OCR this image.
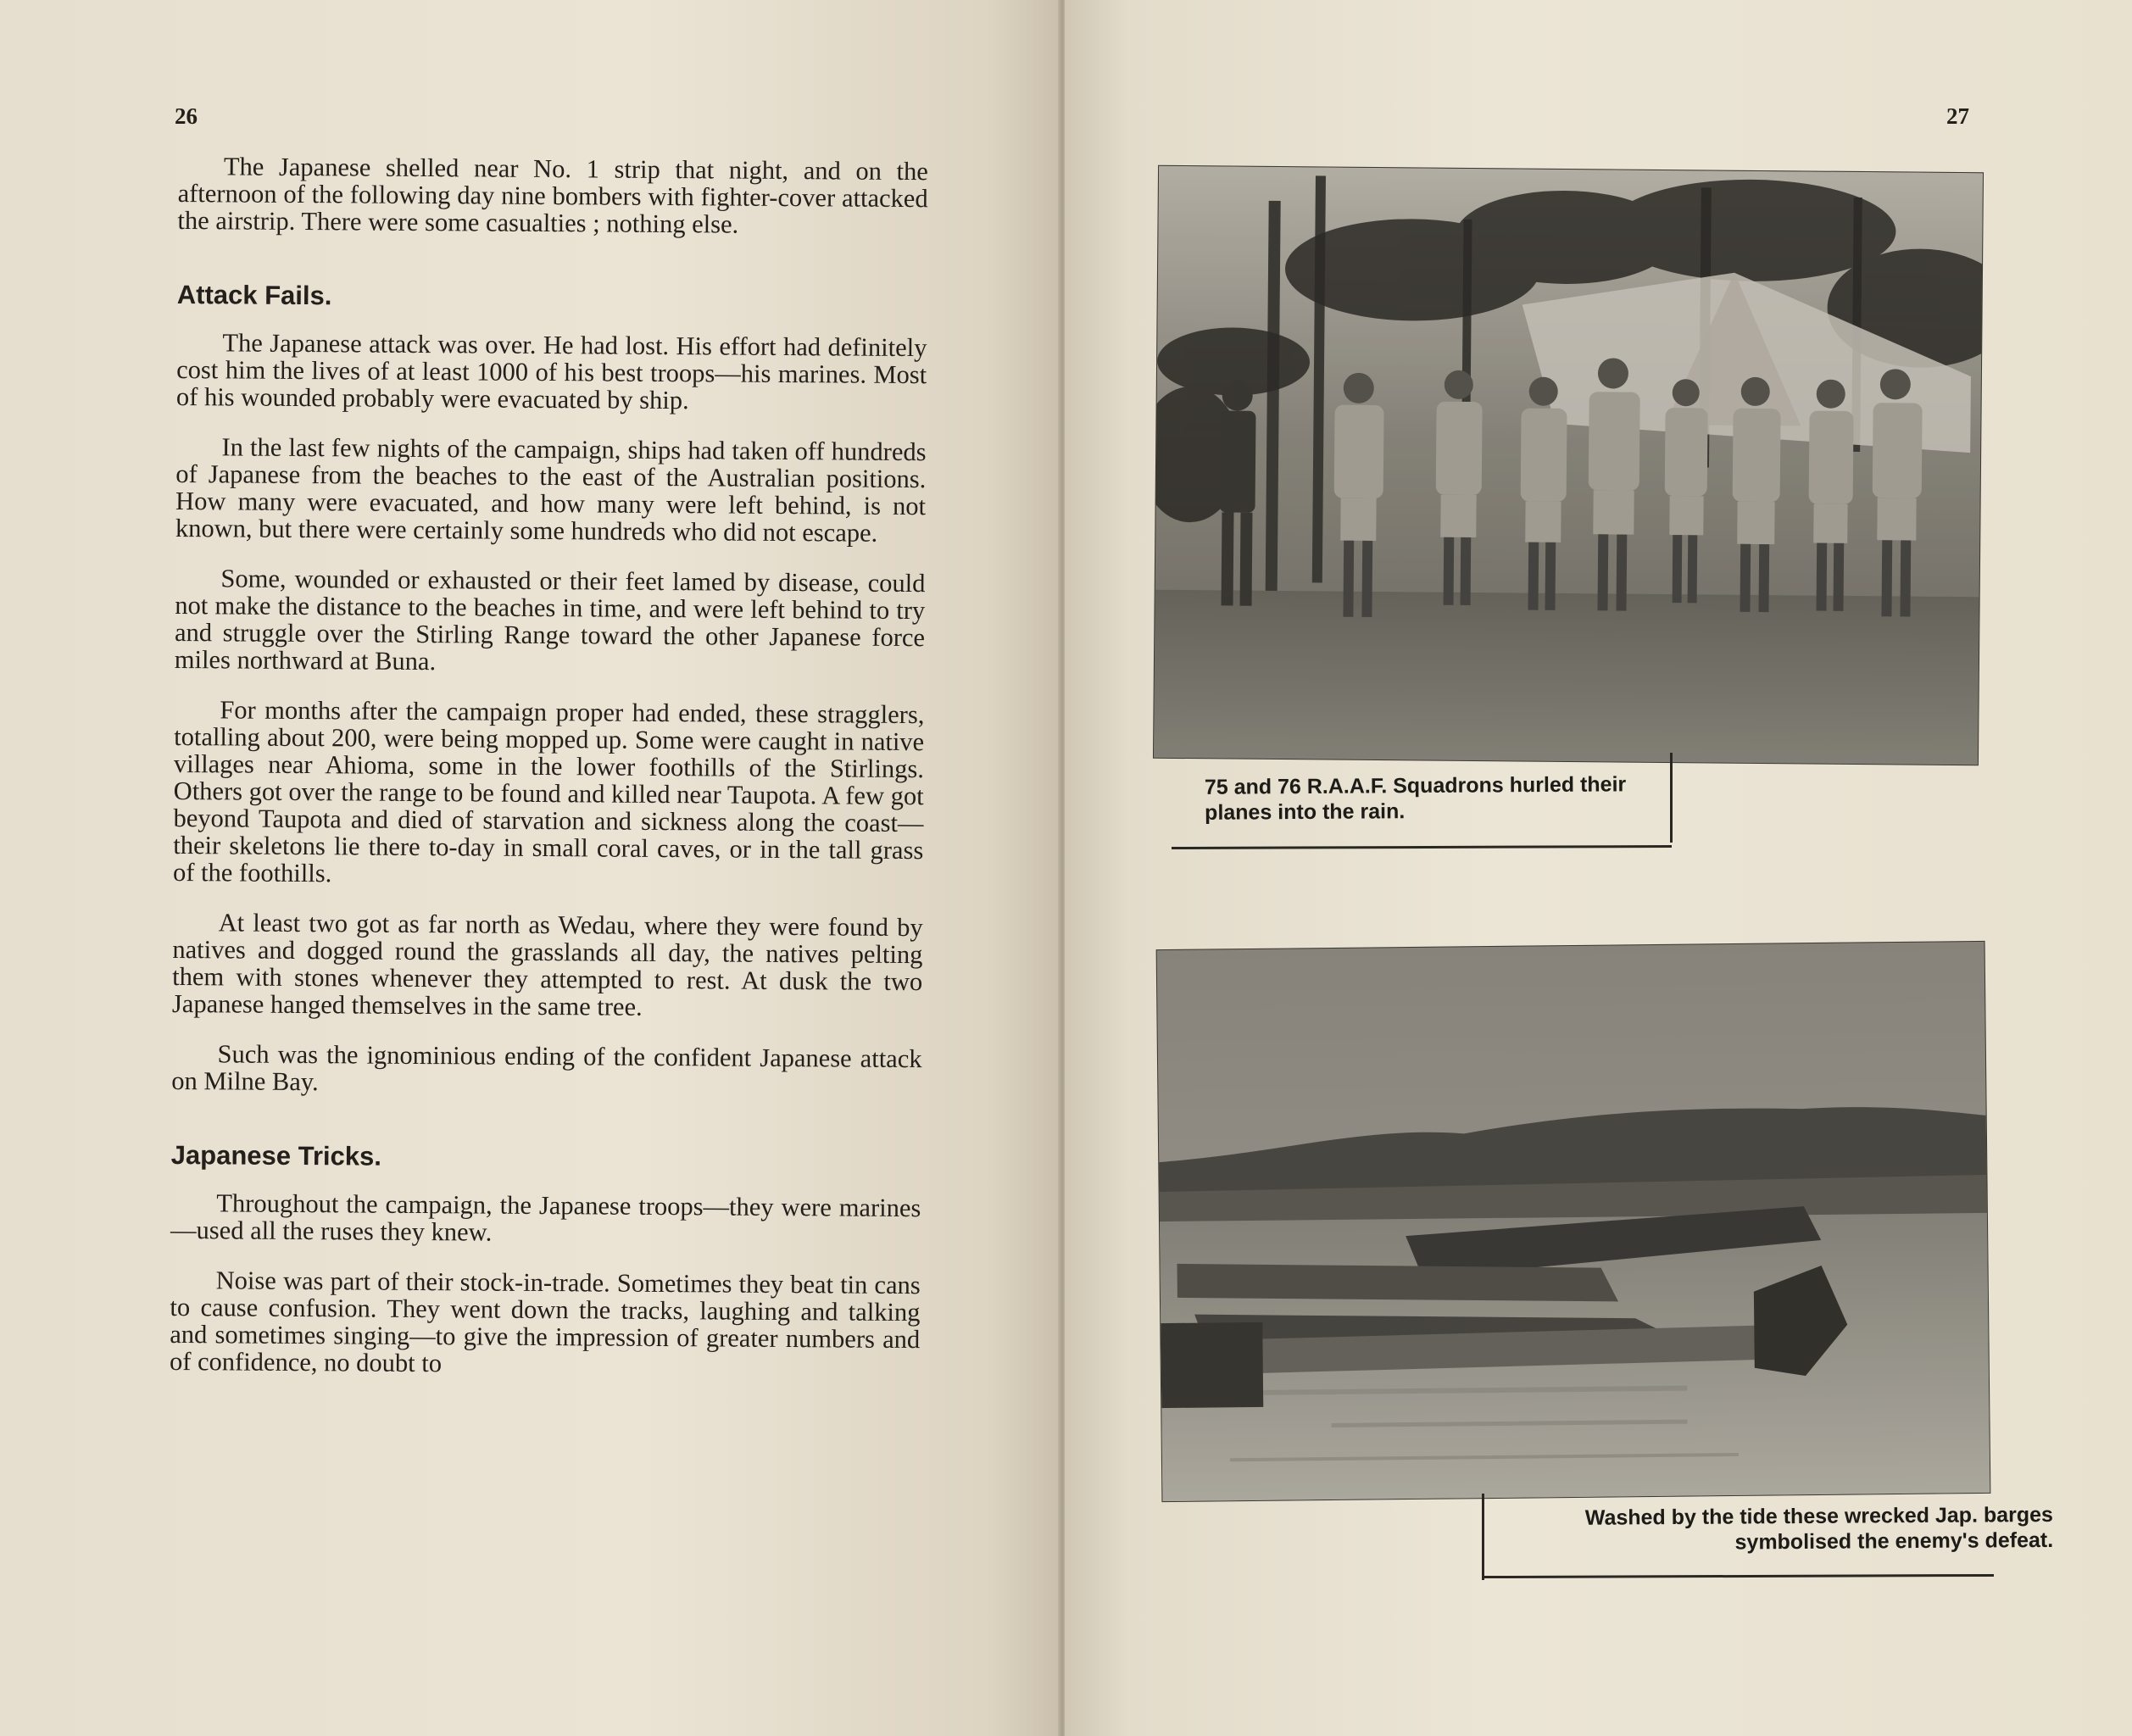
26

The Japanese shelled near No. 1 strip that night, and on the afternoon of the following day nine bombers with fighter-cover attacked the airstrip. There were some casualties ; nothing else.

Attack Fails.

The Japanese attack was over. He had lost. His effort had definitely cost him the lives of at least 1000 of his best troops—his marines. Most of his wounded probably were evacuated by ship.

In the last few nights of the campaign, ships had taken off hundreds of Japanese from the beaches to the east of the Australian positions. How many were evacuated, and how many were left behind, is not known, but there were certainly some hundreds who did not escape.

Some, wounded or exhausted or their feet lamed by disease, could not make the distance to the beaches in time, and were left behind to try and struggle over the Stirling Range toward the other Japanese force miles northward at Buna.

For months after the campaign proper had ended, these stragglers, totalling about 200, were being mopped up. Some were caught in native villages near Ahioma, some in the lower foothills of the Stirlings. Others got over the range to be found and killed near Taupota. A few got beyond Taupota and died of starvation and sickness along the coast—their skeletons lie there to-day in small coral caves, or in the tall grass of the foothills.

At least two got as far north as Wedau, where they were found by natives and dogged round the grasslands all day, the natives pelting them with stones whenever they attempted to rest. At dusk the two Japanese hanged themselves in the same tree.

Such was the ignominious ending of the confident Japanese attack on Milne Bay.

Japanese Tricks.

Throughout the campaign, the Japanese troops—they were marines—used all the ruses they knew.

Noise was part of their stock-in-trade. Sometimes they beat tin cans to cause confusion. They went down the tracks, laughing and talking and sometimes singing—to give the impression of greater numbers and of confidence, no doubt to

27
75 and 76 R.A.A.F. Squadrons hurled their planes into the rain.
Washed by the tide these wrecked Jap. barges symbolised the enemy's defeat.
